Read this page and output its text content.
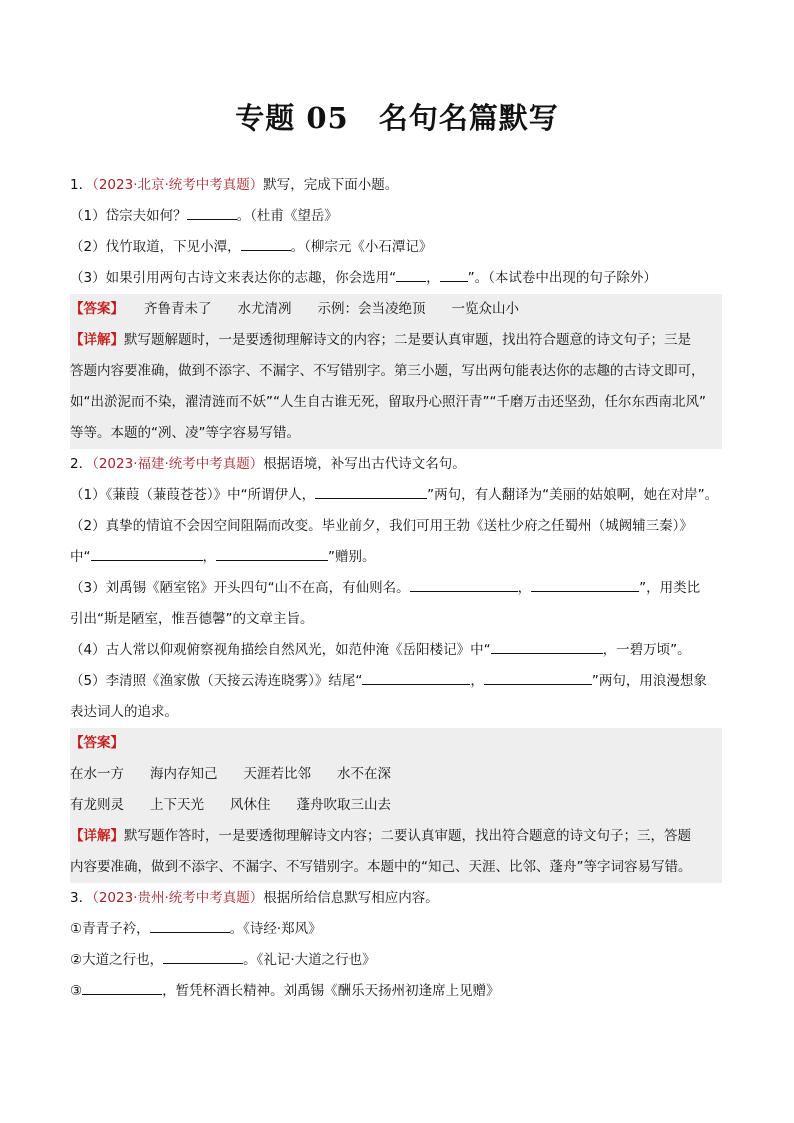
专题 05 名句名篇默写
1．（2023·北京·统考中考真题）默写，完成下面小题。
（1）岱宗夫如何？	。（杜甫《望岳》
（2）伐竹取道，下见小潭，	。（柳宗元《小石潭记》
（3）如果引用两句古诗文来表达你的志趣，你会选用“ ， ”。（本试卷中出现的句子除外）
【答案】 齐鲁青未了 水尤清冽 示例：会当凌绝顶 一览众山小
【详解】默写题解题时，一是要透彻理解诗文的内容；二是要认真审题，找出符合题意的诗文句子；三是
答题内容要准确，做到不添字、不漏字、不写错别字。第三小题，写出两句能表达你的志趣的古诗文即可，
如“出淤泥而不染，濯清涟而不妖”“人生自古谁无死，留取丹心照汗青”“千磨万击还坚劲，任尔东西南北风”
等等。本题的“冽、凌”等字容易写错。
2．（2023·福建·统考中考真题）根据语境，补写出古代诗文名句。
（1）《蒹葭（蒹葭苍苍）》中“所谓伊人，	”两句，有人翻译为“美丽的姑娘啊，她在对岸”。
（2）真挚的情谊不会因空间阻隔而改变。毕业前夕，我们可用王勃《送杜少府之任蜀州（城阙辅三秦）》
中“	，	”赠别。
（3）刘禹锡《陋室铭》开头四句“山不在高，有仙则名。	，	”，用类比
引出“斯是陋室，惟吾德馨”的文章主旨。
（4）古人常以仰观俯察视角描绘自然风光，如范仲淹《岳阳楼记》中“	，一碧万顷”。
（5）李清照《渔家傲（天接云涛连晓雾）》结尾“	，	”两句，用浪漫想象
表达词人的追求。
【答案】
在水一方 海内存知己 天涯若比邻 水不在深
有龙则灵 上下天光 风休住 蓬舟吹取三山去
【详解】默写题作答时，一是要透彻理解诗文内容；二要认真审题，找出符合题意的诗文句子；三，答题
内容要准确，做到不添字、不漏字、不写错别字。本题中的“知己、天涯、比邻、蓬舟”等字词容易写错。
3．（2023·贵州·统考中考真题）根据所给信息默写相应内容。
①青青子衿，	。《诗经·郑风》
②大道之行也，	。《礼记·大道之行也》
③	，暂凭杯酒长精神。刘禹锡《酬乐天扬州初逢席上见赠》
